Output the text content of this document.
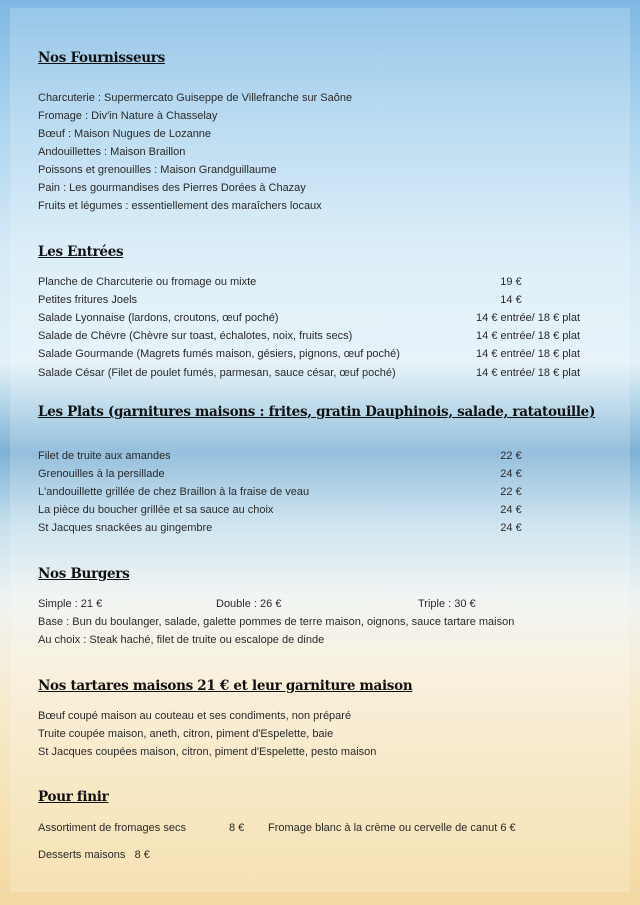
Nos Fournisseurs
Charcuterie : Supermercato Guiseppe de Villefranche sur Saône
Fromage : Div'in Nature à Chasselay
Bœuf : Maison Nugues de Lozanne
Andouillettes : Maison Braillon
Poissons et grenouilles : Maison Grandguillaume
Pain : Les gourmandises des Pierres Dorées à Chazay
Fruits et légumes : essentiellement des maraîchers locaux
Les Entrées
Planche de Charcuterie ou fromage ou mixte	19 €
Petites fritures Joels	14 €
Salade Lyonnaise (lardons, croutons, œuf poché)	14 € entrée/ 18 € plat
Salade de Chèvre (Chèvre sur toast, échalotes, noix, fruits secs)	14 € entrée/ 18 € plat
Salade Gourmande (Magrets fumés maison, gésiers, pignons, œuf poché)	14 € entrée/ 18 € plat
Salade César (Filet de poulet fumés, parmesan, sauce césar, œuf poché)	14 € entrée/ 18 € plat
Les Plats (garnitures maisons : frites, gratin Dauphinois, salade, ratatouille)
Filet de truite aux amandes	22 €
Grenouilles à la persillade	24 €
L'andouillette grillée de chez Braillon à la fraise de veau	22 €
La pièce du boucher grillée et sa sauce au choix	24 €
St Jacques snackées au gingembre	24 €
Nos Burgers
Simple : 21 €	Double : 26 €	Triple : 30 €
Base : Bun du boulanger, salade, galette pommes de terre maison, oignons, sauce tartare maison
Au choix : Steak haché, filet de truite ou escalope de dinde
Nos tartares maisons 21 € et leur garniture maison
Bœuf coupé maison au couteau et ses condiments, non préparé
Truite coupée maison, aneth, citron, piment d'Espelette, baie
St Jacques coupées maison, citron, piment d'Espelette, pesto maison
Pour finir
Assortiment de fromages secs	8 € Fromage blanc à la crème ou cervelle de canut 6 €
Desserts maisons   8 €
